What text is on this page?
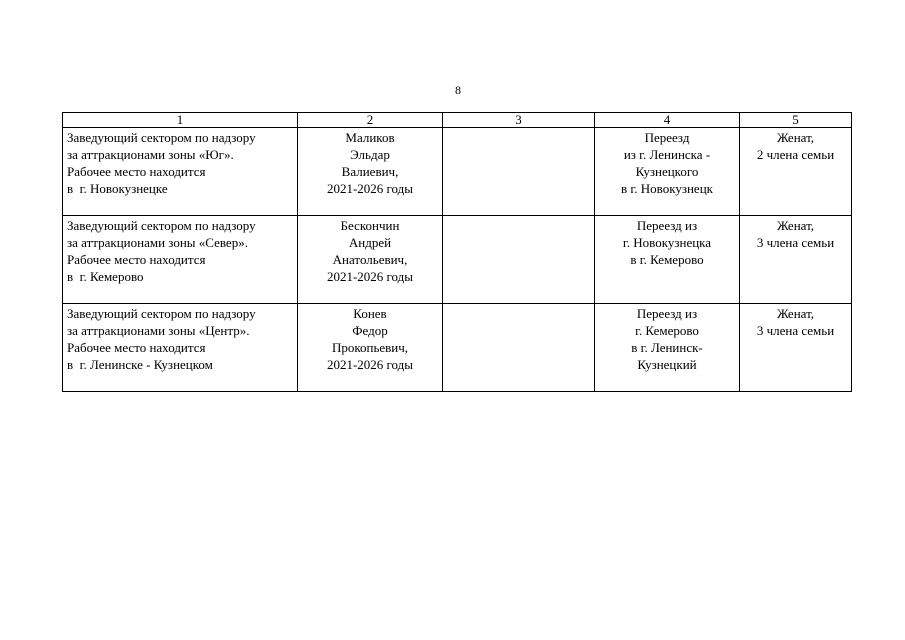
8
1	2	3	4	5

Заведующий сектором по надзору
за аттракционами зоны «Юг».
Рабочее место находится
в  г. Новокузнецке	Маликов
Эльдар
Валиевич,
2021-2026 годы		Переезд
из г. Ленинска -
Кузнецкого
в г. Новокузнецк	Женат,
2 члена семьи

Заведующий сектором по надзору
за аттракционами зоны «Север».
Рабочее место находится
в  г. Кемерово	Бескончин
Андрей
Анатольевич,
2021-2026 годы		Переезд из
г. Новокузнецка
в г. Кемерово	Женат,
3 члена семьи

Заведующий сектором по надзору
за аттракционами зоны «Центр».
Рабочее место находится
в  г. Ленинске - Кузнецком	Конев
Федор
Прокопьевич,
2021-2026 годы		Переезд из
г. Кемерово
в г. Ленинск-
Кузнецкий	Женат,
3 члена семьи
